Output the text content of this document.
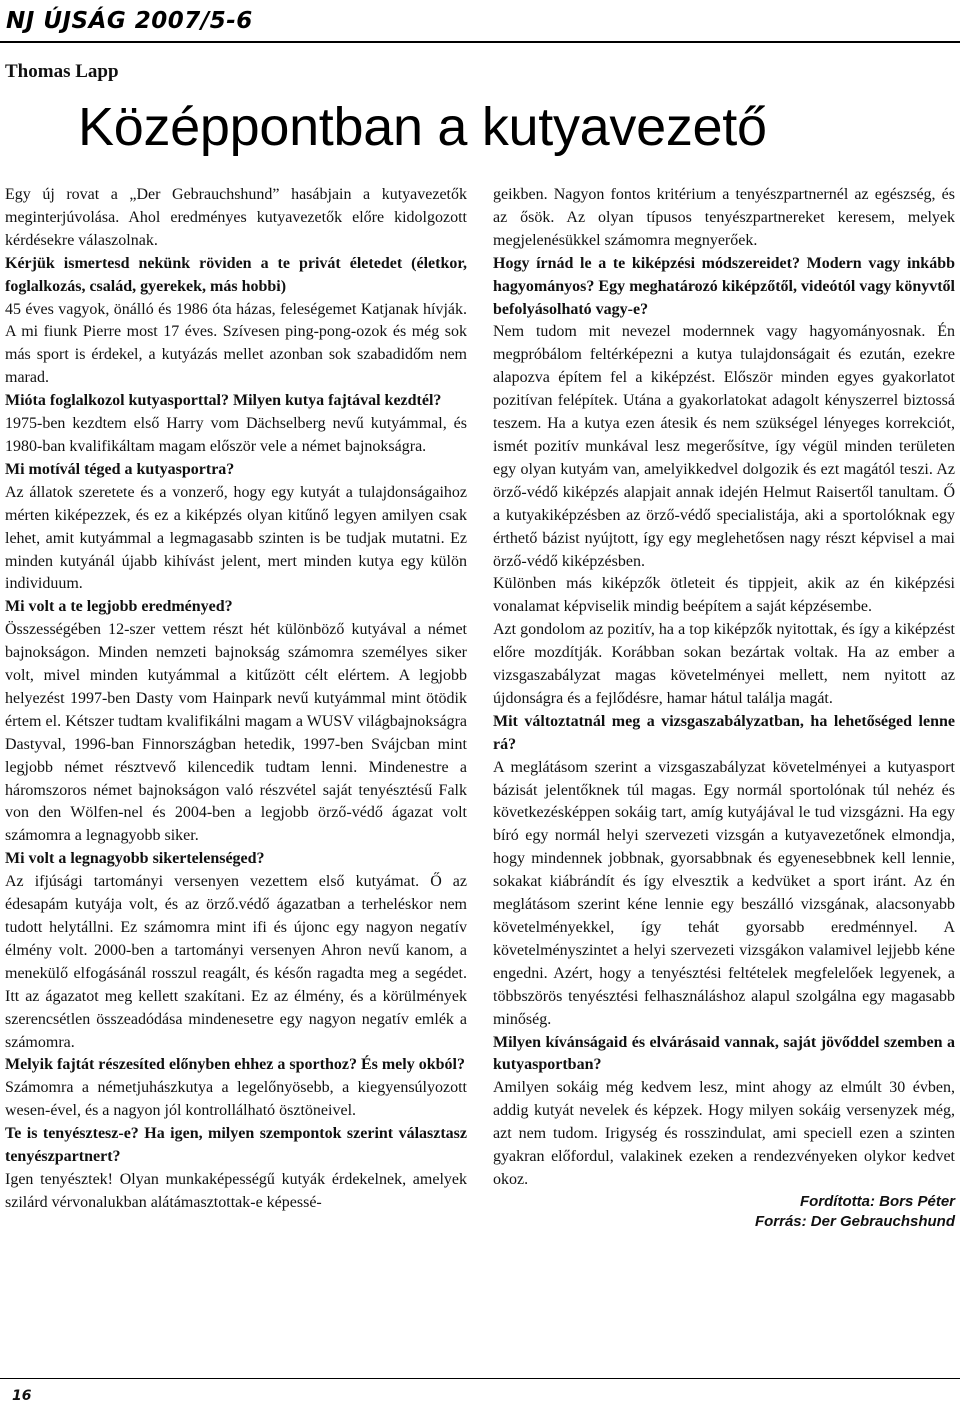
NJ ÚJSÁG 2007/5-6
Thomas Lapp
Középpontban a kutyavezető

Egy új rovat a „Der Gebrauchshund” hasábjain a kutyavezetők meginterjúvolása. Ahol eredményes kutyavezetők előre kidolgozott kérdésekre válaszolnak.

Kérjük ismertesd nekünk röviden a te privát életedet (életkor, foglalkozás, család, gyerekek, más hobbi)

45 éves vagyok, önálló és 1986 óta házas, feleségemet Katjanak hívják. A mi fiunk Pierre most 17 éves. Szívesen ping-pong-ozok és még sok más sport is érdekel, a kutyázás mellet azonban sok szabadidőm nem marad.

Mióta foglalkozol kutyasporttal? Milyen kutya fajtával kezdtél?

1975-ben kezdtem első Harry vom Dächselberg nevű kutyámmal, és 1980-ban kvalifikáltam magam először vele a német bajnokságra.

Mi motívál téged a kutyasportra?

Az állatok szeretete és a vonzerő, hogy egy kutyát a tulajdonságaihoz mérten kiképezzek, és ez a kiképzés olyan kitűnő legyen amilyen csak lehet, amit kutyámmal a legmagasabb szinten is be tudjak mutatni. Ez minden kutyánál újabb kihívást jelent, mert minden kutya egy külön individuum.

Mi volt a te legjobb eredményed?

Összességében 12-szer vettem részt hét különböző kutyával a német bajnokságon. Minden nemzeti bajnokság számomra személyes siker volt, mivel minden kutyámmal a kitűzött célt elértem. A legjobb helyezést 1997-ben Dasty vom Hainpark nevű kutyámmal mint ötödik értem el. Kétszer tudtam kvalifikálni magam a WUSV világbajnokságra Dastyval, 1996-ban Finnországban hetedik, 1997-ben Svájcban mint legjobb német résztvevő kilencedik tudtam lenni. Mindenestre a háromszoros német bajnokságon való részvétel saját tenyésztésű Falk von den Wölfen-nel és 2004-ben a legjobb örző-védő ágazat volt számomra a legnagyobb siker.

Mi volt a legnagyobb sikertelenséged?

Az ifjúsági tartományi versenyen vezettem első kutyámat. Ő az édesapám kutyája volt, és az örző.védő ágazatban a terheléskor nem tudott helytállni. Ez számomra mint ifi és újonc egy nagyon negatív élmény volt. 2000-ben a tartományi versenyen Ahron nevű kanom, a menekülő elfogásánál rosszul reagált, és későn ragadta meg a segédet. Itt az ágazatot meg kellett szakítani. Ez az élmény, és a körülmények szerencsétlen összeadódása mindenesetre egy nagyon negatív emlék a számomra.

Melyik fajtát részesíted előnyben ehhez a sporthoz? És mely okból?

Számomra a németjuhászkutya a legelőnyösebb, a kiegyensúlyozott wesen-ével, és a nagyon jól kontrollálható ösztöneivel.

Te is tenyésztesz-e? Ha igen, milyen szempontok szerint választasz tenyészpartnert?

Igen tenyésztek! Olyan munkaképességű kutyák érdekelnek, amelyek szilárd vérvonalukban alátámasztottak-e képessé-

geikben. Nagyon fontos kritérium a tenyészpartnernél az egészség, és az ősök. Az olyan típusos tenyészpartnereket keresem, melyek megjelenésükkel számomra megnyerőek.

Hogy írnád le a te kiképzési módszereidet? Modern vagy inkább hagyományos? Egy meghatározó kiképzőtől, videótól vagy könyvtől befolyásolható vagy-e?

Nem tudom mit nevezel modernnek vagy hagyományosnak. Én megpróbálom feltérképezni a kutya tulajdonságait és ezután, ezekre alapozva építem fel a kiképzést. Először minden egyes gyakorlatot pozitívan felépítek. Utána a gyakorlatokat adagolt kényszerrel biztossá teszem. Ha a kutya ezen átesik és nem szükségel lényeges korrekciót, ismét pozitív munkával lesz megerősítve, így végül minden területen egy olyan kutyám van, amelyikkedvel dolgozik és ezt magától teszi. Az örző-védő kiképzés alapjait annak idején Helmut Raisertől tanultam. Ő a kutyakiképzésben az örző-védő specialistája, aki a sportolóknak egy érthető bázist nyújtott, így egy meglehetősen nagy részt képvisel a mai örző-védő kiképzésben.

Különben más kiképzők ötleteit és tippjeit, akik az én kiképzési vonalamat képviselik mindig beépítem a saját képzésembe.

Azt gondolom az pozitív, ha a top kiképzők nyitottak, és így a kiképzést előre mozdítják. Korábban sokan bezártak voltak. Ha az ember a vizsgaszabályzat magas követelményei mellett, nem nyitott az újdonságra és a fejlődésre, hamar hátul találja magát.

Mit változtatnál meg a vizsgaszabályzatban, ha lehetőséged lenne rá?

A meglátásom szerint a vizsgaszabályzat követelményei a kutyasport bázisát jelentőknek túl magas. Egy normál sportolónak túl nehéz és következésképpen sokáig tart, amíg kutyájával le tud vizsgázni. Ha egy bíró egy normál helyi szervezeti vizsgán a kutyavezetőnek elmondja, hogy mindennek jobbnak, gyorsabbnak és egyenesebbnek kell lennie, sokakat kiábrándít és így elvesztik a kedvüket a sport iránt. Az én meglátásom szerint kéne lennie egy beszálló vizsgának, alacsonyabb követelményekkel, így tehát gyorsabb eredménnyel. A követelményszintet a helyi szervezeti vizsgákon valamivel lejjebb kéne engedni. Azért, hogy a tenyésztési feltételek megfelelőek legyenek, a többszörös tenyésztési felhasználáshoz alapul szolgálna egy magasabb minőség.

Milyen kívánságaid és elvárásaid vannak, saját jövőddel szemben a kutyasportban?

Amilyen sokáig még kedvem lesz, mint ahogy az elmúlt 30 évben, addig kutyát nevelek és képzek. Hogy milyen sokáig versenyzek még, azt nem tudom. Irigység és rosszindulat, ami speciell ezen a szinten gyakran előfordul, valakinek ezeken a rendezvényeken olykor kedvet okoz.

Fordította: Bors Péter
Forrás: Der Gebrauchshund
16
